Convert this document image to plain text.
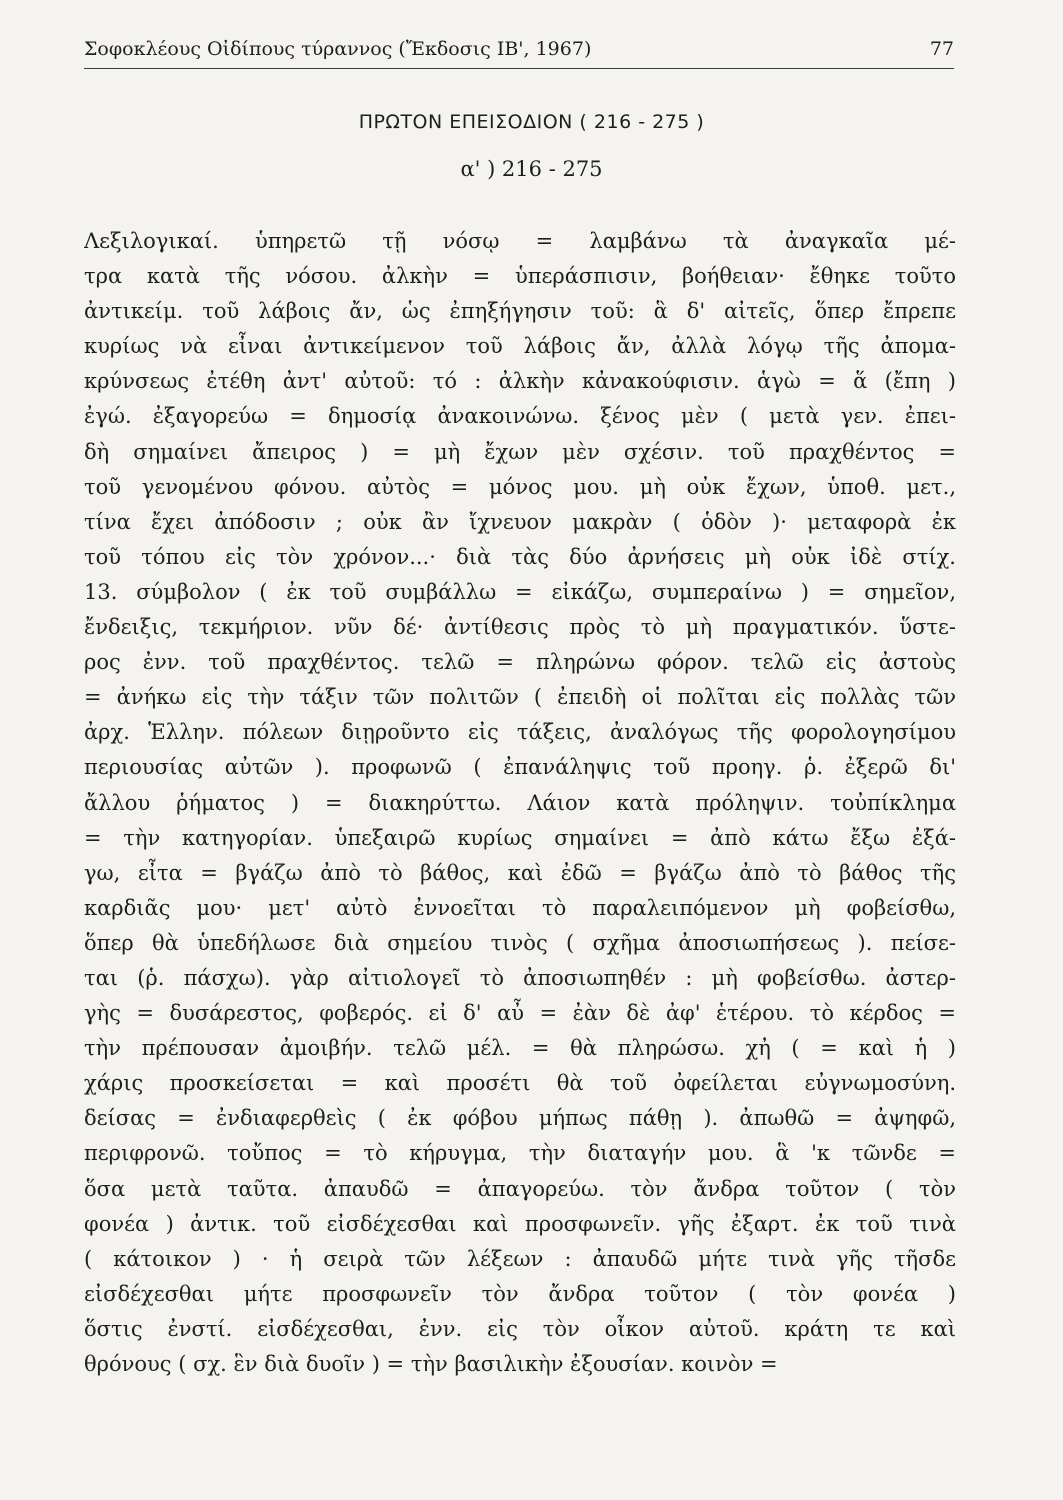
Σοφοκλέους Οἰδίπους τύραννος (Ἔκδοσις ΙΒ', 1967)	77
ΠΡΩΤΟΝ ΕΠΕΙΣΟΔΙΟΝ ( 216 - 275 )
α' ) 216 - 275
Λεξιλογικαί. ὑπηρετῶ τῇ νόσῳ = λαμβάνω τὰ ἀναγκαῖα μέ-
τρα κατὰ τῆς νόσου. ἀλκὴν = ὑπεράσπισιν, βοήθειαν· ἔθηκε τοῦτο
ἀντικείμ. τοῦ λάβοις ἄν, ὡς ἐπηξήγησιν τοῦ: ἃ δ' αἰτεῖς, ὅπερ ἔπρεπε
κυρίως νὰ εἶναι ἀντικείμενον τοῦ λάβοις ἄν, ἀλλὰ λόγῳ τῆς ἀπομα-
κρύνσεως ἐτέθη ἀντ' αὐτοῦ: τό : ἀλκὴν κἀνακούφισιν. ἁγὼ = ἅ (ἔπη )
ἐγώ. ἐξαγορεύω = δημοσίᾳ ἀνακοινώνω. ξένος μὲν ( μετὰ γεν. ἐπει-
δὴ σημαίνει ἄπειρος ) = μὴ ἔχων μὲν σχέσιν. τοῦ πραχθέντος =
τοῦ γενομένου φόνου. αὐτὸς = μόνος μου. μὴ οὐκ ἔχων, ὑποθ. μετ.,
τίνα ἔχει ἀπόδοσιν ; οὐκ ἂν ἴχνευον μακρὰν ( ὁδὸν )· μεταφορὰ ἐκ
τοῦ τόπου εἰς τὸν χρόνον...· διὰ τὰς δύο ἀρνήσεις μὴ οὐκ ἰδὲ στίχ.
13. σύμβολον ( ἐκ τοῦ συμβάλλω = εἰκάζω, συμπεραίνω ) = σημεῖον,
ἔνδειξις, τεκμήριον. νῦν δέ· ἀντίθεσις πρὸς τὸ μὴ πραγματικόν. ὕστε-
ρος ἐνν. τοῦ πραχθέντος. τελῶ = πληρώνω φόρον. τελῶ εἰς ἀστοὺς
= ἀνήκω εἰς τὴν τάξιν τῶν πολιτῶν ( ἐπειδὴ οἱ πολῖται εἰς πολλὰς τῶν
ἀρχ. Ἑλλην. πόλεων διῃροῦντο εἰς τάξεις, ἀναλόγως τῆς φορολογησίμου
περιουσίας αὐτῶν ). προφωνῶ ( ἐπανάληψις τοῦ προηγ. ῥ. ἐξερῶ δι'
ἄλλου ῥήματος ) = διακηρύττω. Λάιον κατὰ πρόληψιν. τοὐπίκλημα
= τὴν κατηγορίαν. ὑπεξαιρῶ κυρίως σημαίνει = ἀπὸ κάτω ἔξω ἐξά-
γω, εἶτα = βγάζω ἀπὸ τὸ βάθος, καὶ ἐδῶ = βγάζω ἀπὸ τὸ βάθος τῆς
καρδιᾶς μου· μετ' αὐτὸ ἐννοεῖται τὸ παραλειπόμενον μὴ φοβείσθω,
ὅπερ θὰ ὑπεδήλωσε διὰ σημείου τινὸς ( σχῆμα ἀποσιωπήσεως ). πείσε-
ται (ῥ. πάσχω). γὰρ αἰτιολογεῖ τὸ ἀποσιωπηθέν : μὴ φοβείσθω. ἀστερ-
γὴς = δυσάρεστος, φοβερός. εἰ δ' αὖ = ἐὰν δὲ ἀφ' ἑτέρου. τὸ κέρδος =
τὴν πρέπουσαν ἀμοιβήν. τελῶ μέλ. = θὰ πληρώσω. χἠ ( = καὶ ἡ )
χάρις προσκείσεται = καὶ προσέτι θὰ τοῦ ὀφείλεται εὐγνωμοσύνη.
δείσας = ἐνδιαφερθεὶς ( ἐκ φόβου μήπως πάθῃ ). ἀπωθῶ = ἀψηφῶ,
περιφρονῶ. τοὔπος = τὸ κήρυγμα, τὴν διαταγήν μου. ἃ 'κ τῶνδε =
ὅσα μετὰ ταῦτα. ἀπαυδῶ = ἀπαγορεύω. τὸν ἄνδρα τοῦτον ( τὸν
φονέα ) ἀντικ. τοῦ εἰσδέχεσθαι καὶ προσφωνεῖν. γῆς ἐξαρτ. ἐκ τοῦ τινὰ
( κάτοικον ) · ἡ σειρὰ τῶν λέξεων : ἀπαυδῶ μήτε τινὰ γῆς τῆσδε
εἰσδέχεσθαι μήτε προσφωνεῖν τὸν ἄνδρα τοῦτον ( τὸν φονέα )
ὅστις ἐνστί. εἰσδέχεσθαι, ἐνν. εἰς τὸν οἶκον αὐτοῦ. κράτη τε καὶ
θρόνους ( σχ. ἓν διὰ δυοῖν ) = τὴν βασιλικὴν ἐξουσίαν. κοινὸν =
